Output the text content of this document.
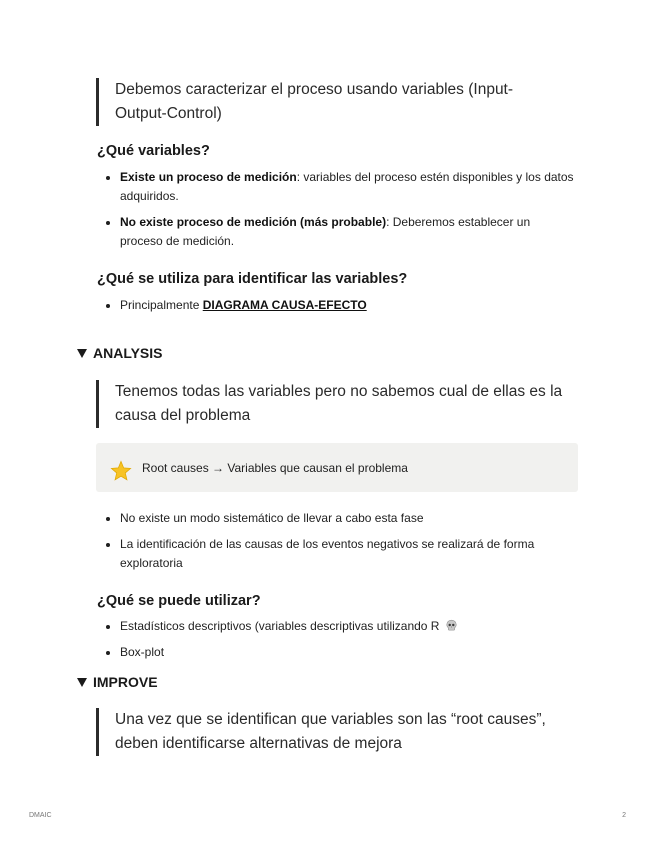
Debemos caracterizar el proceso usando variables (Input-Output-Control)
¿Qué variables?
Existe un proceso de medición: variables del proceso estén disponibles y los datos adquiridos.
No existe proceso de medición (más probable): Deberemos establecer un proceso de medición.
¿Qué se utiliza para identificar las variables?
Principalmente DIAGRAMA CAUSA-EFECTO
ANALYSIS
Tenemos todas las variables pero no sabemos cual de ellas es la causa del problema
Root causes → Variables que causan el problema
No existe un modo sistemático de llevar a cabo esta fase
La identificación de las causas de los eventos negativos se realizará de forma exploratoria
¿Qué se puede utilizar?
Estadísticos descriptivos (variables descriptivas utilizando R
Box-plot
IMPROVE
Una vez que se identifican que variables son las “root causes”, deben identificarse alternativas de mejora
DMAIC	2
